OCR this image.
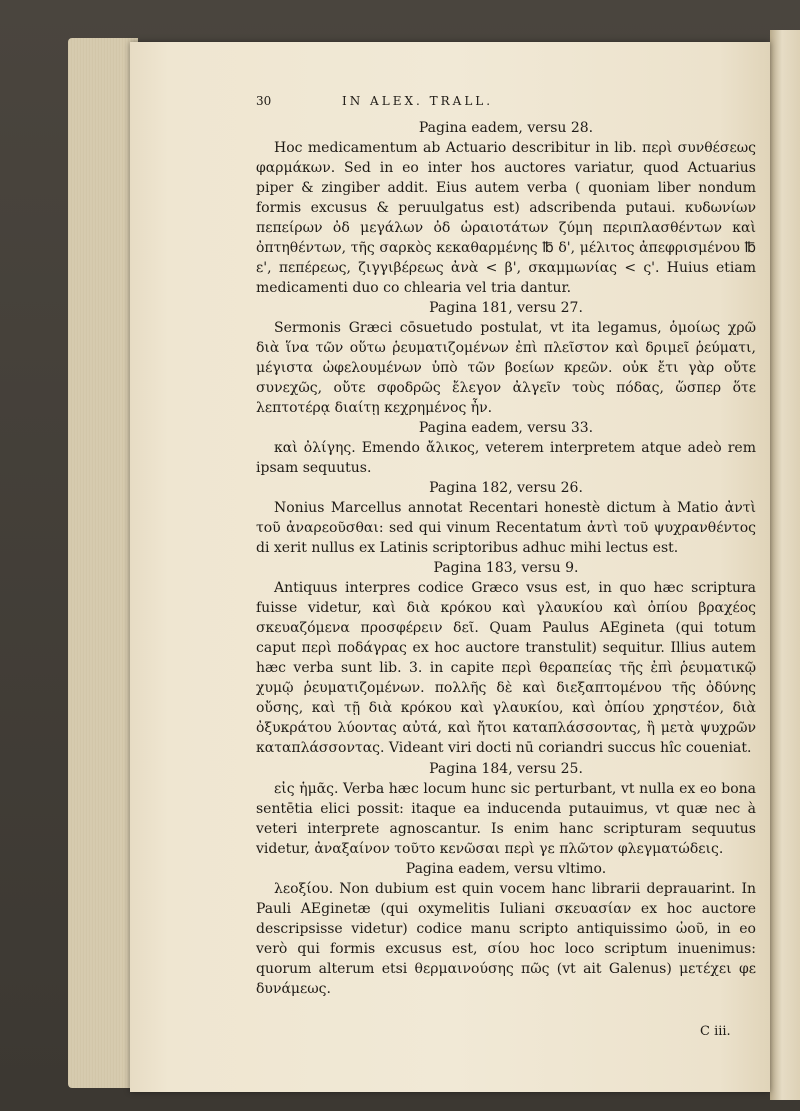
30	IN ALEX. TRALL.

Pagina eadem, versu 28.

Hoc medicamentum ab Actuario describitur in lib. περὶ συνθέσεως φαρμάκων. Sed in eo inter hos auctores variatur, quod Actuarius piper & zingiber addit. Eius autem verba ( quoniam liber nondum formis excusus & peruulgatus est) adscribenda putaui. κυδωνίων πεπείρων ὀδ μεγάλων ὀδ ὡραιοτάτων ζύμη περιπλασθέντων καὶ ὀπτηθέντων, τῆς σαρκὸς κεκαθαρμένης ℔ δ', μέλιτος ἀπεφρισμένου ℔ ε', πεπέρεως, ζιγγιβέρεως ἀνὰ < β', σκαμμωνίας < ς'. Huius etiam medicamenti duo co chlearia vel tria dantur.

Pagina 181, versu 27.

Sermonis Græci cōsuetudo postulat, vt ita legamus, ὁμοίως χρῶ διὰ ἵνα τῶν οὕτω ῥευματιζομένων ἐπὶ πλεῖστον καὶ δριμεῖ ῥεύματι, μέγιστα ὠφελουμένων ὑπὸ τῶν βοείων κρεῶν. οὐκ ἔτι γὰρ οὔτε συνεχῶς, οὔτε σφοδρῶς ἔλεγον ἀλγεῖν τοὺς πόδας, ὥσπερ ὅτε λεπτοτέρᾳ διαίτῃ κεχρημένος ἦν.

Pagina eadem, versu 33.

καὶ ὀλίγης. Emendo ἄλικος, veterem interpretem atque adeò rem ipsam sequutus.

Pagina 182, versu 26.

Nonius Marcellus annotat Recentari honestè dictum à Matio ἀντὶ τοῦ ἀναρεοῦσθαι: sed qui vinum Recentatum ἀντὶ τοῦ ψυχρανθέντος di xerit nullus ex Latinis scriptoribus adhuc mihi lectus est.

Pagina 183, versu 9.

Antiquus interpres codice Græco vsus est, in quo hæc scriptura fuisse videtur, καὶ διὰ κρόκου καὶ γλαυκίου καὶ ὀπίου βραχέος σκευαζόμενα προσφέρειν δεῖ. Quam Paulus AEgineta (qui totum caput περὶ ποδάγρας ex hoc auctore transtulit) sequitur. Illius autem hæc verba sunt lib. 3. in capite περὶ θεραπείας τῆς ἐπὶ ῥευματικῷ χυμῷ ῥευματιζομένων. πολλῆς δὲ καὶ διεξαπτομένου τῆς ὀδύνης οὔσης, καὶ τῇ διὰ κρόκου καὶ γλαυκίου, καὶ ὀπίου χρηστέον, διὰ ὀξυκράτου λύοντας αὐτά, καὶ ἤτοι καταπλάσσοντας, ἢ μετὰ ψυχρῶν καταπλάσσοντας. Videant viri docti nū coriandri succus hîc coueniat.

Pagina 184, versu 25.

εἰς ἡμᾶς. Verba hæc locum hunc sic perturbant, vt nulla ex eo bona sentētia elici possit: itaque ea inducenda putauimus, vt quæ nec à veteri interprete agnoscantur. Is enim hanc scripturam sequutus videtur, ἀναξαίνον τοῦτο κενῶσαι περὶ γε πλῶτον φλεγματώδεις.

Pagina eadem, versu vltimo.

λεοξίου. Non dubium est quin vocem hanc librarii deprauarint. In Pauli AEginetæ (qui oxymelitis Iuliani σκευασίαν ex hoc auctore descripsisse videtur) codice manu scripto antiquissimo ὠοῦ, in eo verò qui formis excusus est, σίου hoc loco scriptum inuenimus: quorum alterum etsi θερμαινούσης πῶς (vt ait Galenus) μετέχει φε δυνάμεως.

C iii.
